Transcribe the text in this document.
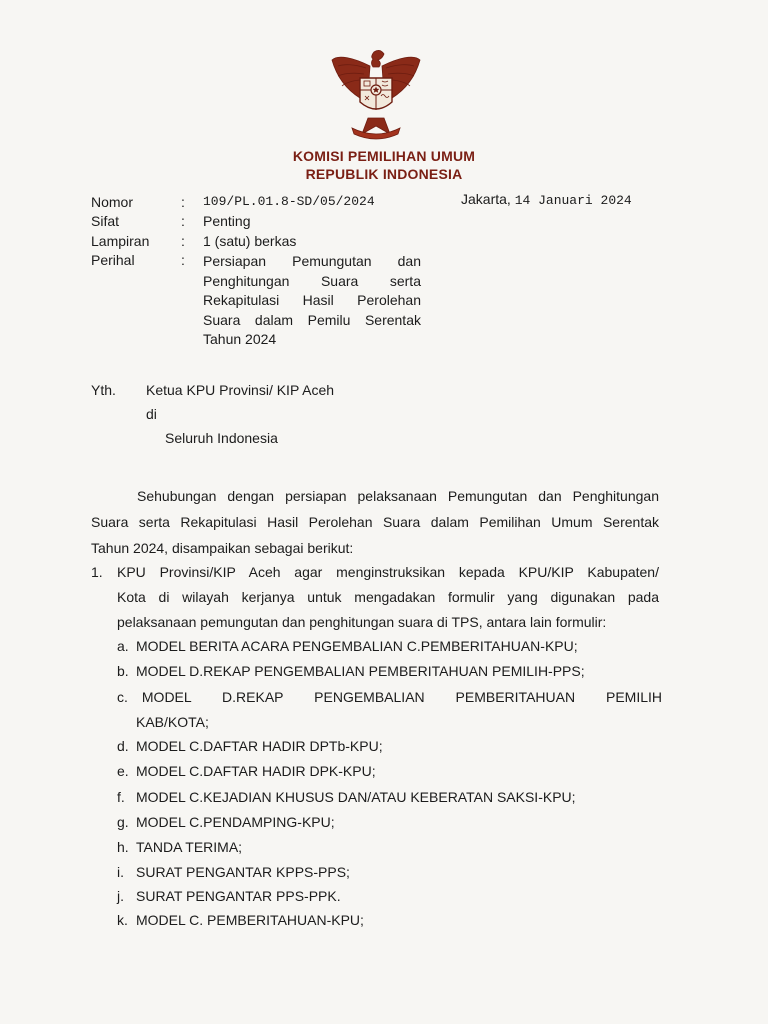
KOMISI PEMILIHAN UMUM
REPUBLIK INDONESIA
Nomor	: 109/PL.01.8-SD/05/2024	Jakarta, 14 Januari 2024
Sifat	: Penting
Lampiran : 1 (satu) berkas
Perihal	: Persiapan Pemungutan dan
Penghitungan Suara serta
Rekapitulasi Hasil Perolehan
Suara dalam Pemilu Serentak
Tahun 2024
Yth. Ketua KPU Provinsi/ KIP Aceh
di
Seluruh Indonesia
Sehubungan dengan persiapan pelaksanaan Pemungutan dan Penghitungan
Suara serta Rekapitulasi Hasil Perolehan Suara dalam Pemilihan Umum Serentak
Tahun 2024, disampaikan sebagai berikut:
1. KPU Provinsi/KIP Aceh agar menginstruksikan kepada KPU/KIP Kabupaten/
Kota di wilayah kerjanya untuk mengadakan formulir yang digunakan pada
pelaksanaan pemungutan dan penghitungan suara di TPS, antara lain formulir:
a. MODEL BERITA ACARA PENGEMBALIAN C.PEMBERITAHUAN-KPU;
b. MODEL D.REKAP PENGEMBALIAN PEMBERITAHUAN PEMILIH-PPS;
c.  MODEL D.REKAP PENGEMBALIAN PEMBERITAHUAN PEMILIH
KAB/KOTA;
d. MODEL C.DAFTAR HADIR DPTb-KPU;
e. MODEL C.DAFTAR HADIR DPK-KPU;
f. MODEL C.KEJADIAN KHUSUS DAN/ATAU KEBERATAN SAKSI-KPU;
g. MODEL C.PENDAMPING-KPU;
h. TANDA TERIMA;
i. SURAT PENGANTAR KPPS-PPS;
j. SURAT PENGANTAR PPS-PPK.
k. MODEL C. PEMBERITAHUAN-KPU;
